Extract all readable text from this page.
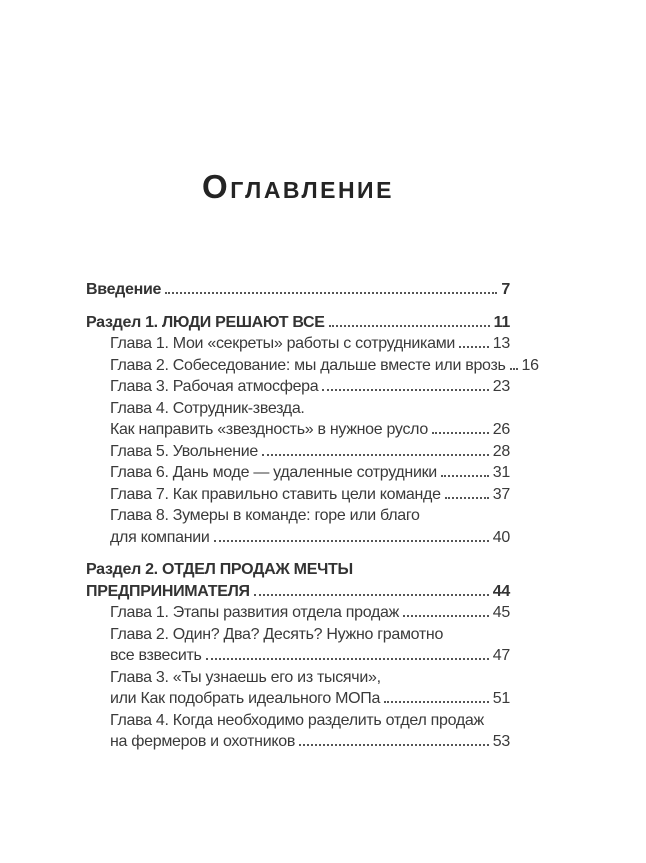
Оглавление
Введение	7
Раздел 1. ЛЮДИ РЕШАЮТ ВСЕ	11
Глава 1. Мои «секреты» работы с сотрудниками 13
Глава 2. Собеседование: мы дальше вместе или врозь 16
Глава 3. Рабочая атмосфера	23
Глава 4. Сотрудник-звезда.
Как направить «звездность» в нужное русло	26
Глава 5. Увольнение	28
Глава 6. Дань моде — удаленные сотрудники	31
Глава 7. Как правильно ставить цели команде	37
Глава 8. Зумеры в команде: горе или благо
для компании	40
Раздел 2. ОТДЕЛ ПРОДАЖ МЕЧТЫ
ПРЕДПРИНИМАТЕЛЯ	44
Глава 1. Этапы развития отдела продаж	45
Глава 2. Один? Два? Десять? Нужно грамотно
все взвесить	47
Глава 3. «Ты узнаешь его из тысячи»,
или Как подобрать идеального МОПа	51
Глава 4. Когда необходимо разделить отдел продаж
на фермеров и охотников	53
